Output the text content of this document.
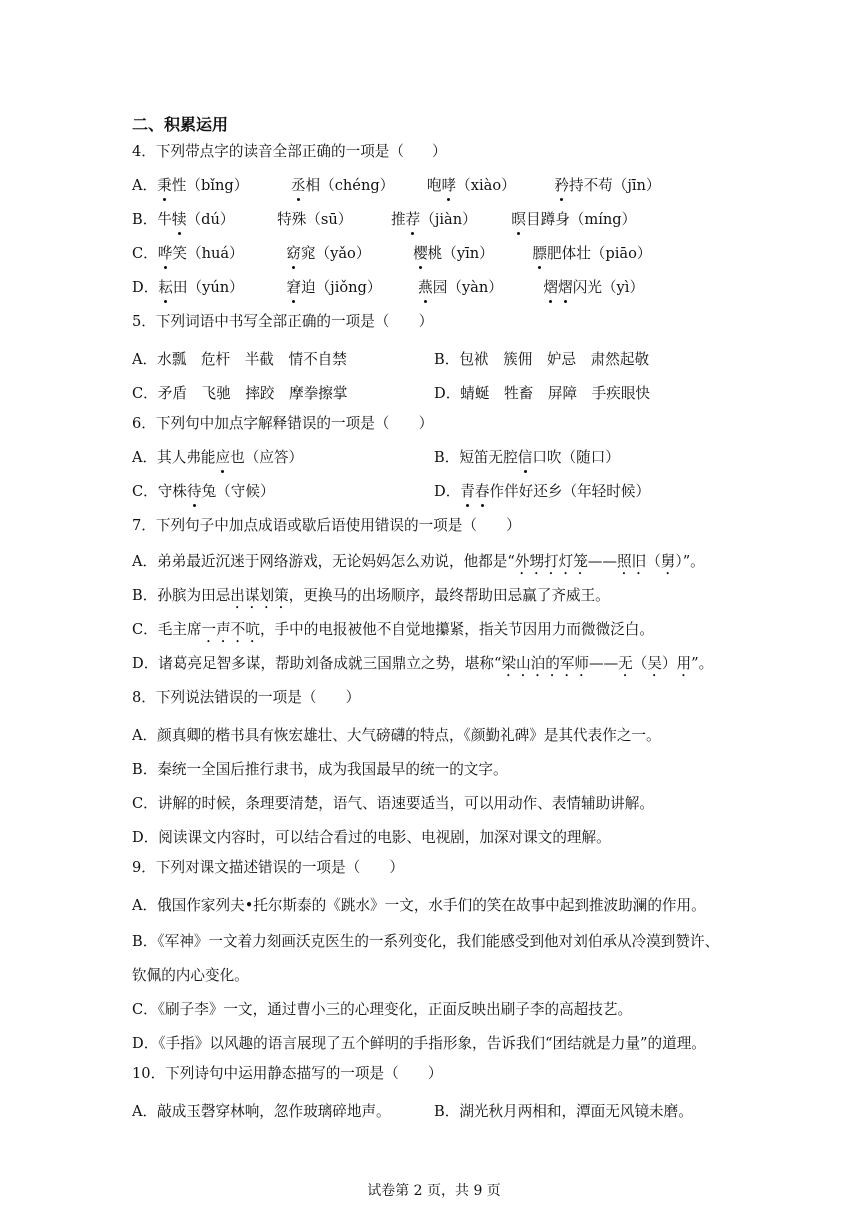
二、积累运用
4．下列带点字的读音全部正确的一项是（ ）
A．秉性（bǐng）	丞相（chéng） 咆哮（xiào）	矜持不苟（jīn）
B．牛犊（dú）	特殊（sū）	推荐（jiàn） 暝目蹲身（míng）
C．哗笑（huá）	窈窕（yǎo）	樱桃（yīn）	膘肥体壮（piāo）
D．耘田（yún）	窘迫（jiǒng）	燕园（yàn）	熠熠闪光（yì）
5．下列词语中书写全部正确的一项是（　　）
A．水瓢　危杆　半截　情不自禁	B．包袱　簇佣　妒忌　肃然起敬
C．矛盾　飞驰　摔跤　摩拳擦掌	D．蜻蜒　牲畜　屏障　手疾眼快
6．下列句中加点字解释错误的一项是（　　）
A．其人弗能应也（应答）	B．短笛无腔信口吹（随口）
C．守株待兔（守候）	D．青春作伴好还乡（年轻时候）
7．下列句子中加点成语或歇后语使用错误的一项是（　　）
A．弟弟最近沉迷于网络游戏，无论妈妈怎么劝说，他都是“外甥打灯笼——照旧（舅）”。
B．孙膑为田忌出谋划策，更换马的出场顺序，最终帮助田忌赢了齐威王。
C．毛主席一声不吭，手中的电报被他不自觉地攥紧，指关节因用力而微微泛白。
D．诸葛亮足智多谋，帮助刘备成就三国鼎立之势，堪称“梁山泊的军师——无（吴）用”。
8．下列说法错误的一项是（　　）
A．颜真卿的楷书具有恢宏雄壮、大气磅礴的特点，《颜勤礼碑》是其代表作之一。
B．秦统一全国后推行隶书，成为我国最早的统一的文字。
C．讲解的时候，条理要清楚，语气、语速要适当，可以用动作、表情辅助讲解。
D．阅读课文内容时，可以结合看过的电影、电视剧，加深对课文的理解。
9．下列对课文描述错误的一项是（　　）
A．俄国作家列夫•托尔斯泰的《跳水》一文，水手们的笑在故事中起到推波助澜的作用。
B．《军神》一文着力刻画沃克医生的一系列变化，我们能感受到他对刘伯承从冷漠到赞许、
钦佩的内心变化。
C．《刷子李》一文，通过曹小三的心理变化，正面反映出刷子李的高超技艺。
D．《手指》以风趣的语言展现了五个鲜明的手指形象，告诉我们“团结就是力量”的道理。
10．下列诗句中运用静态描写的一项是（　　）
A．敲成玉磬穿林响，忽作玻璃碎地声。	B．湖光秋月两相和，潭面无风镜未磨。
试卷第 2 页，共 9 页
